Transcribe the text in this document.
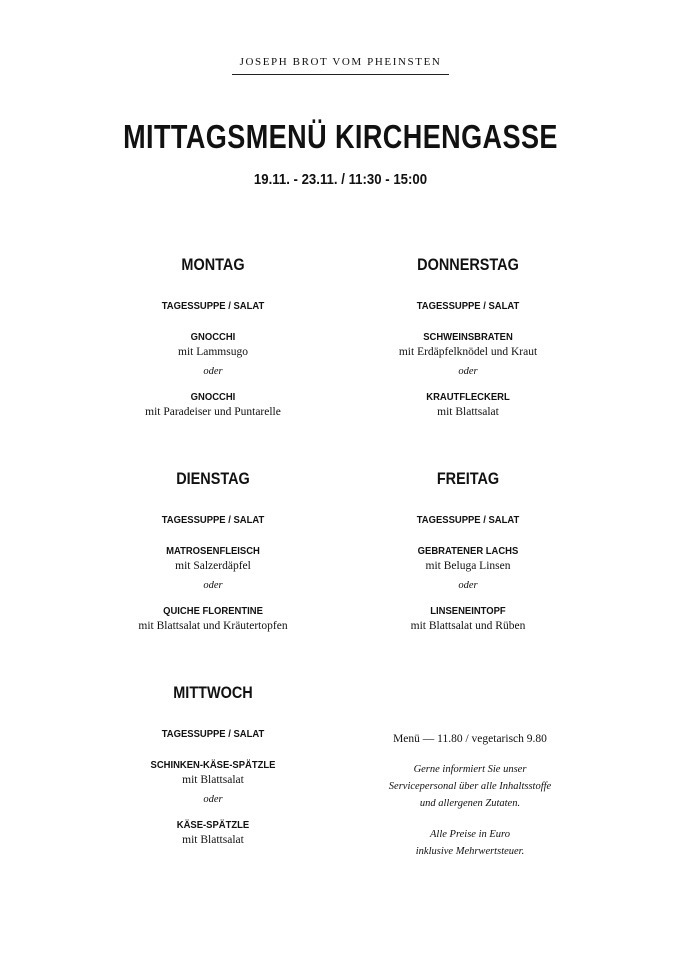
JOSEPH BROT VOM PHEINSTEN
MITTAGSMENÜ KIRCHENGASSE
19.11. - 23.11. / 11:30 - 15:00
MONTAG
TAGESSUPPE / SALAT
GNOCCHI
mit Lammsugo
oder
GNOCCHI
mit Paradeiser und Puntarelle
DONNERSTAG
TAGESSUPPE / SALAT
SCHWEINSBRATEN
mit Erdäpfelknödel und Kraut
oder
KRAUTFLECKERL
mit Blattsalat
DIENSTAG
TAGESSUPPE / SALAT
MATROSENFLEISCH
mit Salzerdäpfel
oder
QUICHE FLORENTINE
mit Blattsalat und Kräutertopfen
FREITAG
TAGESSUPPE / SALAT
GEBRATENER LACHS
mit Beluga Linsen
oder
LINSENEINTOPF
mit Blattsalat und Rüben
MITTWOCH
TAGESSUPPE / SALAT
SCHINKEN-KÄSE-SPÄTZLE
mit Blattsalat
oder
KÄSE-SPÄTZLE
mit Blattsalat
Menü — 11.80 / vegetarisch 9.80
Gerne informiert Sie unser
Servicepersonal über alle Inhaltsstoffe
und allergenen Zutaten.
Alle Preise in Euro
inklusive Mehrwertsteuer.
